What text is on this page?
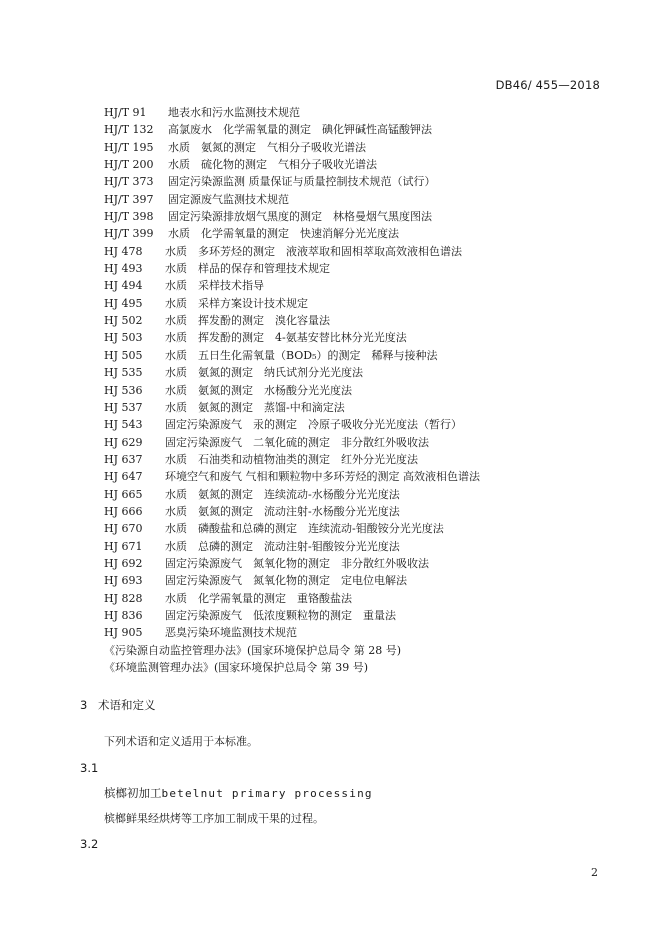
DB46/ 455—2018
HJ/T 91 地表水和污水监测技术规范
HJ/T 132 高氯废水　化学需氧量的测定　碘化钾碱性高锰酸钾法
HJ/T 195 水质　氨氮的测定　气相分子吸收光谱法
HJ/T 200 水质　硫化物的测定　气相分子吸收光谱法
HJ/T 373 固定污染源监测 质量保证与质量控制技术规范（试行）
HJ/T 397 固定源废气监测技术规范
HJ/T 398 固定污染源排放烟气黑度的测定　林格曼烟气黑度图法
HJ/T 399 水质　化学需氧量的测定　快速消解分光光度法
HJ 478 水质　多环芳烃的测定　液液萃取和固相萃取高效液相色谱法
HJ 493 水质　样品的保存和管理技术规定
HJ 494 水质　采样技术指导
HJ 495 水质　采样方案设计技术规定
HJ 502 水质　挥发酚的测定　溴化容量法
HJ 503 水质　挥发酚的测定　4-氨基安替比林分光光度法
HJ 505 水质　五日生化需氧量（BOD₅）的测定　稀释与接种法
HJ 535 水质　氨氮的测定　纳氏试剂分光光度法
HJ 536 水质　氨氮的测定　水杨酸分光光度法
HJ 537 水质　氨氮的测定　蒸馏-中和滴定法
HJ 543 固定污染源废气　汞的测定　冷原子吸收分光光度法（暂行）
HJ 629 固定污染源废气　二氧化硫的测定　非分散红外吸收法
HJ 637 水质　石油类和动植物油类的测定　红外分光光度法
HJ 647 环境空气和废气 气相和颗粒物中多环芳烃的测定 高效液相色谱法
HJ 665 水质　氨氮的测定　连续流动-水杨酸分光光度法
HJ 666 水质　氨氮的测定　流动注射-水杨酸分光光度法
HJ 670 水质　磷酸盐和总磷的测定　连续流动-钼酸铵分光光度法
HJ 671 水质　总磷的测定　流动注射-钼酸铵分光光度法
HJ 692 固定污染源废气　氮氧化物的测定　非分散红外吸收法
HJ 693 固定污染源废气　氮氧化物的测定　定电位电解法
HJ 828 水质　化学需氧量的测定　重铬酸盐法
HJ 836 固定污染源废气　低浓度颗粒物的测定　重量法
HJ 905 恶臭污染环境监测技术规范
《污染源自动监控管理办法》(国家环境保护总局令 第 28 号)
《环境监测管理办法》(国家环境保护总局令 第 39 号)
3 术语和定义
下列术语和定义适用于本标准。
3.1
槟榔初加工betelnut primary processing
槟榔鲜果经烘烤等工序加工制成干果的过程。
3.2
2
